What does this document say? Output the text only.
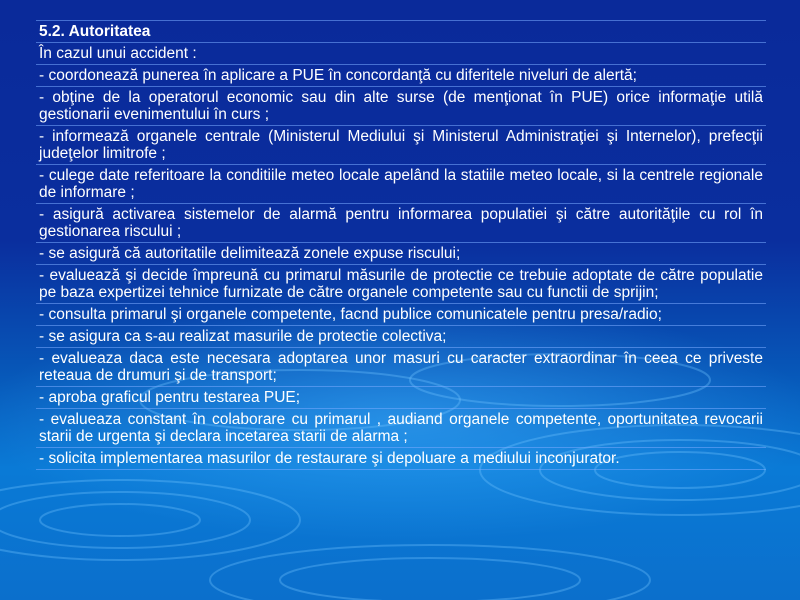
5.2. Autoritatea
În cazul unui accident :
- coordonează punerea în aplicare a PUE în concordanţă cu diferitele niveluri de alertă;
- obţine de la operatorul economic sau din alte surse (de menţionat în PUE) orice informaţie utilă gestionarii evenimentului în curs ;
- informează organele centrale (Ministerul Mediului şi Ministerul Administraţiei şi Internelor), prefecţii judeţelor limitrofe ;
- culege date referitoare la conditiile meteo locale apelând la statiile meteo locale, si la centrele regionale de informare ;
- asigură activarea sistemelor de alarmă pentru informarea populatiei şi către autorităţile cu rol în gestionarea riscului ;
- se asigură că autoritatile delimitează zonele expuse riscului;
- evaluează şi decide împreună cu primarul măsurile de protectie ce trebuie adoptate de către populatie pe baza expertizei tehnice furnizate de către organele competente sau cu functii de sprijin;
- consulta primarul şi organele competente, facnd publice comunicatele pentru presa/radio;
- se asigura ca s-au realizat masurile de protectie colectiva;
- evalueaza daca este necesara adoptarea unor masuri cu caracter extraordinar în ceea ce priveste reteaua de drumuri şi de transport;
- aproba graficul pentru testarea PUE;
- evalueaza constant în colaborare cu primarul , audiand organele competente, oportunitatea revocarii starii de urgenta şi declara incetarea starii de alarma ;
- solicita implementarea masurilor de restaurare şi depoluare a mediului inconjurator.
